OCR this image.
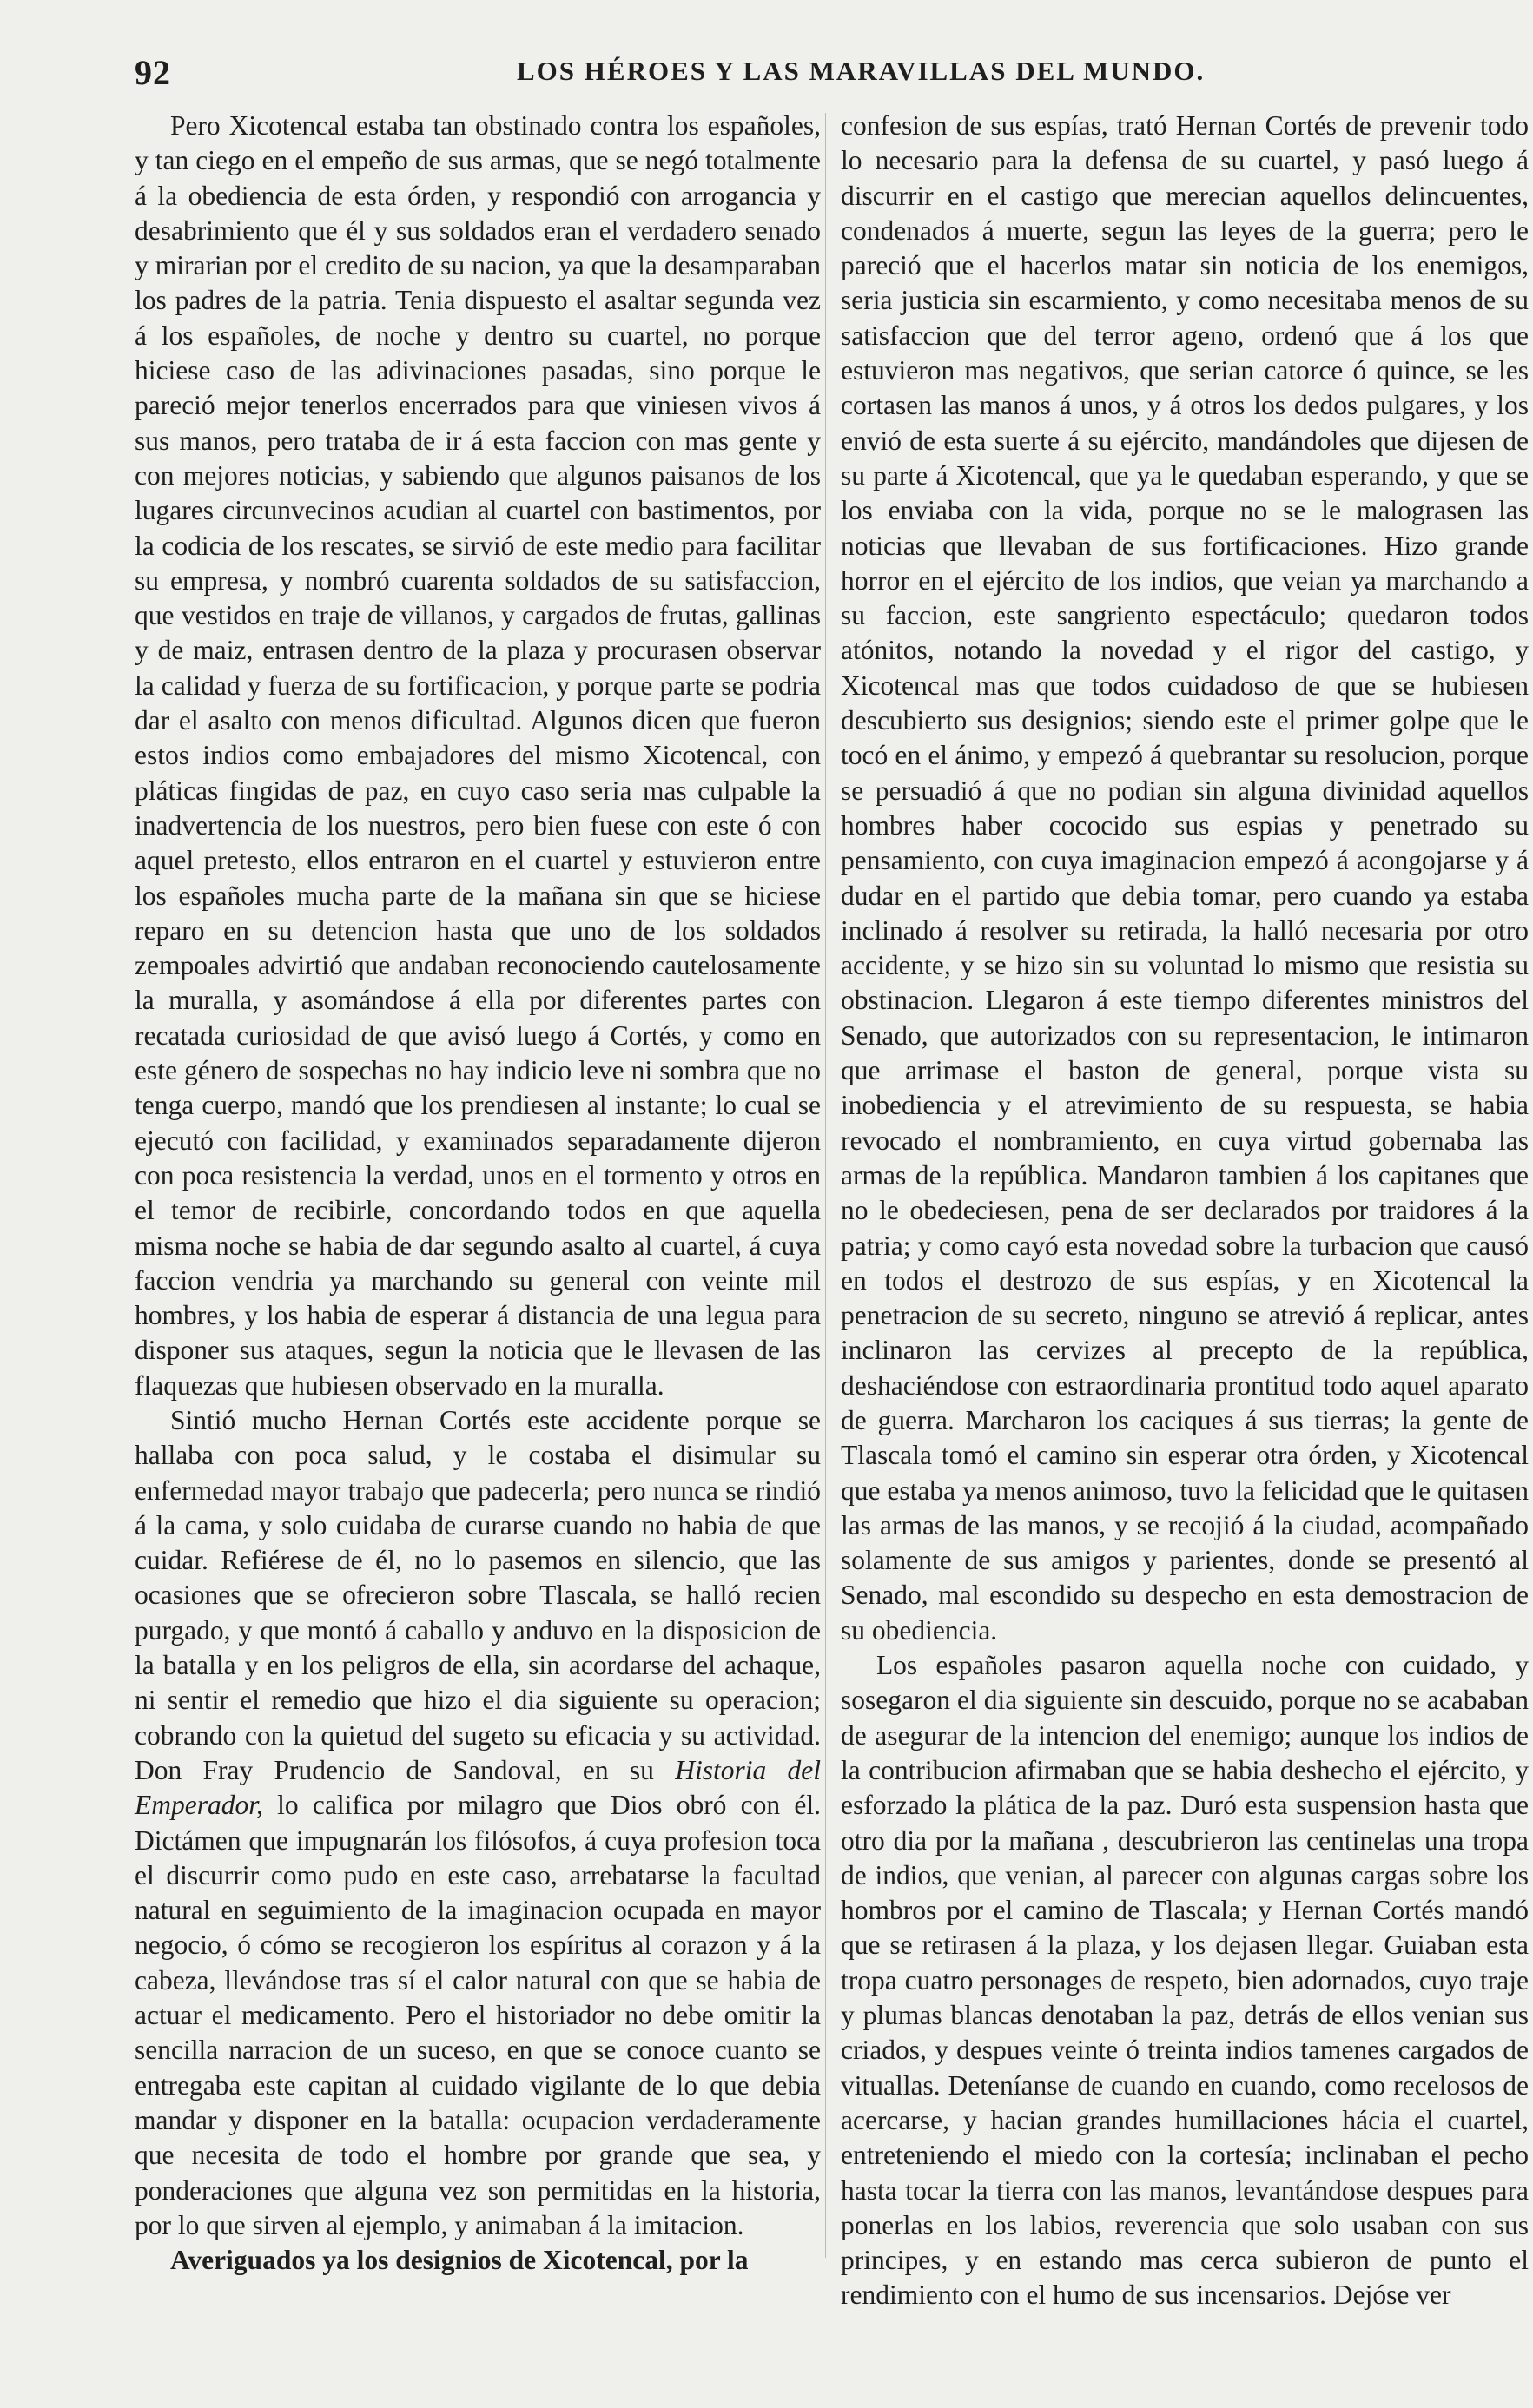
92	LOS HÉROES Y LAS MARAVILLAS DEL MUNDO.

Pero Xicotencal estaba tan obstinado contra los españoles, y tan ciego en el empeño de sus armas, que se negó totalmente á la obediencia de esta órden, y respondió con arrogancia y desabrimiento que él y sus soldados eran el verdadero senado y mirarian por el credito de su nacion, ya que la desamparaban los padres de la patria. Tenia dispuesto el asaltar segunda vez á los españoles, de noche y dentro su cuartel, no porque hiciese caso de las adivinaciones pasadas, sino porque le pareció mejor tenerlos encerrados para que viniesen vivos á sus manos, pero trataba de ir á esta faccion con mas gente y con mejores noticias, y sabiendo que algunos paisanos de los lugares circunvecinos acudian al cuartel con bastimentos, por la codicia de los rescates, se sirvió de este medio para facilitar su empresa, y nombró cuarenta soldados de su satisfaccion, que vestidos en traje de villanos, y cargados de frutas, gallinas y de maiz, entrasen dentro de la plaza y procurasen observar la calidad y fuerza de su fortificacion, y porque parte se podria dar el asalto con menos dificultad. Algunos dicen que fueron estos indios como embajadores del mismo Xicotencal, con pláticas fingidas de paz, en cuyo caso seria mas culpable la inadvertencia de los nuestros, pero bien fuese con este ó con aquel pretesto, ellos entraron en el cuartel y estuvieron entre los españoles mucha parte de la mañana sin que se hiciese reparo en su detencion hasta que uno de los soldados zempoales advirtió que andaban reconociendo cautelosamente la muralla, y asomándose á ella por diferentes partes con recatada curiosidad de que avisó luego á Cortés, y como en este género de sospechas no hay indicio leve ni sombra que no tenga cuerpo, mandó que los prendiesen al instante; lo cual se ejecutó con facilidad, y examinados separadamente dijeron con poca resistencia la verdad, unos en el tormento y otros en el temor de recibirle, concordando todos en que aquella misma noche se habia de dar segundo asalto al cuartel, á cuya faccion vendria ya marchando su general con veinte mil hombres, y los habia de esperar á distancia de una legua para disponer sus ataques, segun la noticia que le llevasen de las flaquezas que hubiesen observado en la muralla.

Sintió mucho Hernan Cortés este accidente porque se hallaba con poca salud, y le costaba el disimular su enfermedad mayor trabajo que padecerla; pero nunca se rindió á la cama, y solo cuidaba de curarse cuando no habia de que cuidar. Refiérese de él, no lo pasemos en silencio, que las ocasiones que se ofrecieron sobre Tlascala, se halló recien purgado, y que montó á caballo y anduvo en la disposicion de la batalla y en los peligros de ella, sin acordarse del achaque, ni sentir el remedio que hizo el dia siguiente su operacion; cobrando con la quietud del sugeto su eficacia y su actividad. Don Fray Prudencio de Sandoval, en su Historia del Emperador, lo califica por milagro que Dios obró con él. Dictámen que impugnarán los filósofos, á cuya profesion toca el discurrir como pudo en este caso, arrebatarse la facultad natural en seguimiento de la imaginacion ocupada en mayor negocio, ó cómo se recogieron los espíritus al corazon y á la cabeza, llevándose tras sí el calor natural con que se habia de actuar el medicamento. Pero el historiador no debe omitir la sencilla narracion de un suceso, en que se conoce cuanto se entregaba este capitan al cuidado vigilante de lo que debia mandar y disponer en la batalla: ocupacion verdaderamente que necesita de todo el hombre por grande que sea, y ponderaciones que alguna vez son permitidas en la historia, por lo que sirven al ejemplo, y animaban á la imitacion.

Averiguados ya los designios de Xicotencal, por la

confesion de sus espías, trató Hernan Cortés de prevenir todo lo necesario para la defensa de su cuartel, y pasó luego á discurrir en el castigo que merecian aquellos delincuentes, condenados á muerte, segun las leyes de la guerra; pero le pareció que el hacerlos matar sin noticia de los enemigos, seria justicia sin escarmiento, y como necesitaba menos de su satisfaccion que del terror ageno, ordenó que á los que estuvieron mas negativos, que serian catorce ó quince, se les cortasen las manos á unos, y á otros los dedos pulgares, y los envió de esta suerte á su ejército, mandándoles que dijesen de su parte á Xicotencal, que ya le quedaban esperando, y que se los enviaba con la vida, porque no se le malograsen las noticias que llevaban de sus fortificaciones. Hizo grande horror en el ejército de los indios, que veian ya marchando a su faccion, este sangriento espectáculo; quedaron todos atónitos, notando la novedad y el rigor del castigo, y Xicotencal mas que todos cuidadoso de que se hubiesen descubierto sus designios; siendo este el primer golpe que le tocó en el ánimo, y empezó á quebrantar su resolucion, porque se persuadió á que no podian sin alguna divinidad aquellos hombres haber cococido sus espias y penetrado su pensamiento, con cuya imaginacion empezó á acongojarse y á dudar en el partido que debia tomar, pero cuando ya estaba inclinado á resolver su retirada, la halló necesaria por otro accidente, y se hizo sin su voluntad lo mismo que resistia su obstinacion. Llegaron á este tiempo diferentes ministros del Senado, que autorizados con su representacion, le intimaron que arrimase el baston de general, porque vista su inobediencia y el atrevimiento de su respuesta, se habia revocado el nombramiento, en cuya virtud gobernaba las armas de la república. Mandaron tambien á los capitanes que no le obedeciesen, pena de ser declarados por traidores á la patria; y como cayó esta novedad sobre la turbacion que causó en todos el destrozo de sus espías, y en Xicotencal la penetracion de su secreto, ninguno se atrevió á replicar, antes inclinaron las cervizes al precepto de la república, deshaciéndose con estraordinaria prontitud todo aquel aparato de guerra. Marcharon los caciques á sus tierras; la gente de Tlascala tomó el camino sin esperar otra órden, y Xicotencal que estaba ya menos animoso, tuvo la felicidad que le quitasen las armas de las manos, y se recojió á la ciudad, acompañado solamente de sus amigos y parientes, donde se presentó al Senado, mal escondido su despecho en esta demostracion de su obediencia.

Los españoles pasaron aquella noche con cuidado, y sosegaron el dia siguiente sin descuido, porque no se acababan de asegurar de la intencion del enemigo; aunque los indios de la contribucion afirmaban que se habia deshecho el ejército, y esforzado la plática de la paz. Duró esta suspension hasta que otro dia por la mañana , descubrieron las centinelas una tropa de indios, que venian, al parecer con algunas cargas sobre los hombros por el camino de Tlascala; y Hernan Cortés mandó que se retirasen á la plaza, y los dejasen llegar. Guiaban esta tropa cuatro personages de respeto, bien adornados, cuyo traje y plumas blancas denotaban la paz, detrás de ellos venian sus criados, y despues veinte ó treinta indios tamenes cargados de vituallas. Deteníanse de cuando en cuando, como recelosos de acercarse, y hacian grandes humillaciones hácia el cuartel, entreteniendo el miedo con la cortesía; inclinaban el pecho hasta tocar la tierra con las manos, levantándose despues para ponerlas en los labios, reverencia que solo usaban con sus principes, y en estando mas cerca subieron de punto el rendimiento con el humo de sus incensarios. Dejóse ver
